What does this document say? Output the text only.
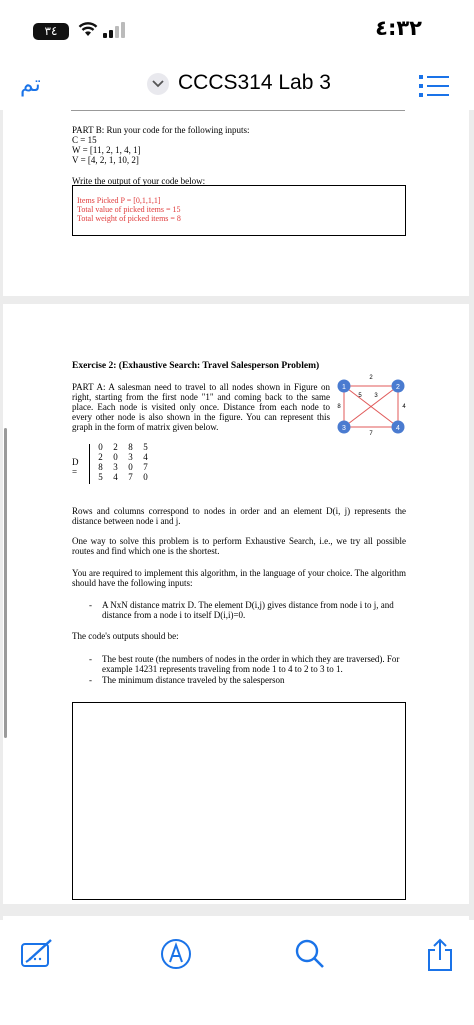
٣٤	٤:٣٢
تم	CCCS314 Lab 3
PART B: Run your code for the following inputs:
C = 15
W = [11, 2, 1, 4, 1]
V = [4, 2, 1, 10, 2]
Write the output of your code below:
Items Picked P = [0,1,1,1]
Total value of picked items = 15
Total weight of picked items = 8
Exercise 2: (Exhaustive Search: Travel Salesperson Problem)
PART A: A salesman need to travel to all nodes shown in Figure on right, starting from the first node "1" and coming back to the same place. Each node is visited only once. Distance from each node to every other node is also shown in the figure. You can represent this graph in the form of matrix given below.
1	2
3	4
2
5 3
8	4
7
D =
0	2	8	5
2	0	3	4
8	3	0	7
5	4	7	0
Rows and columns correspond to nodes in order and an element D(i, j) represents the distance between node i and j.
One way to solve this problem is to perform Exhaustive Search, i.e., we try all possible routes and find which one is the shortest.
You are required to implement this algorithm, in the language of your choice. The algorithm should have the following inputs:
- A NxN distance matrix D. The element D(i,j) gives distance from node i to j, and distance from a node i to itself D(i,i)=0.
The code's outputs should be:
- The best route (the numbers of nodes in the order in which they are traversed). For example 14231 represents traveling from node 1 to 4 to 2 to 3 to 1.
- The minimum distance traveled by the salesperson
